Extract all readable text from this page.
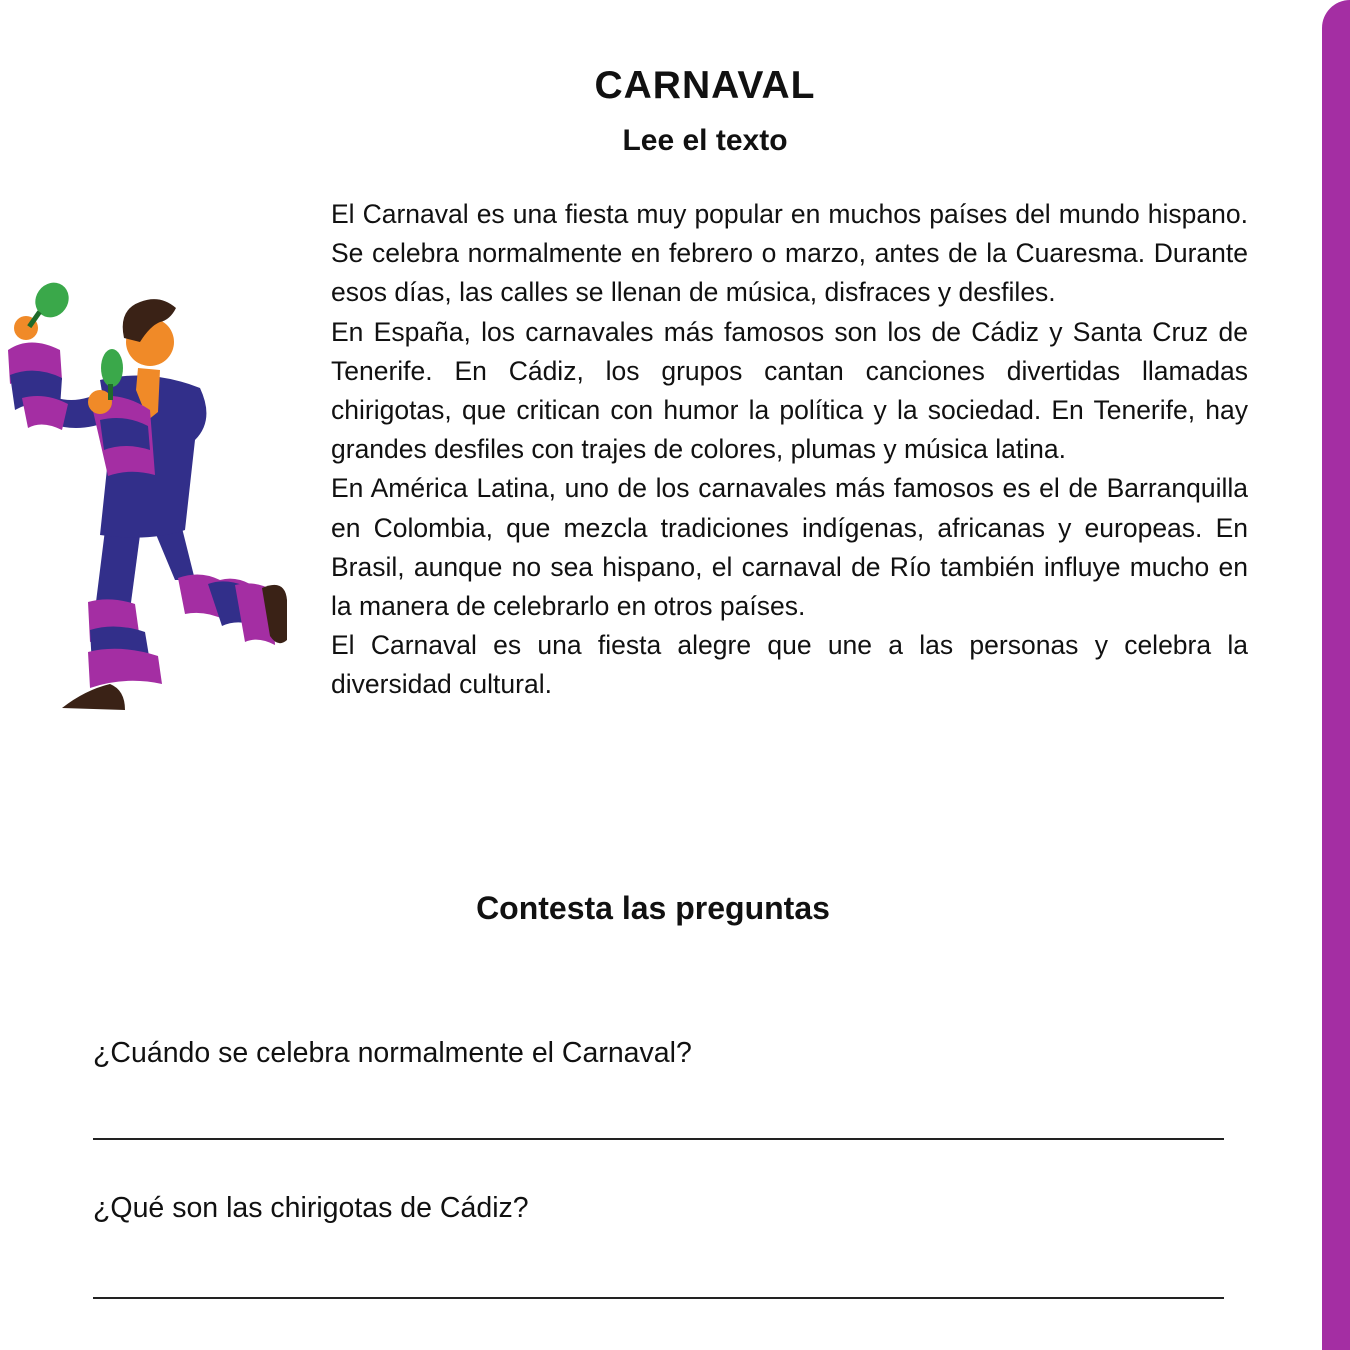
CARNAVAL
Lee el texto

El Carnaval es una fiesta muy popular en muchos países del mundo hispano. Se celebra normalmente en febrero o marzo, antes de la Cuaresma. Durante esos días, las calles se llenan de música, disfraces y desfiles.

En España, los carnavales más famosos son los de Cádiz y Santa Cruz de Tenerife. En Cádiz, los grupos cantan canciones divertidas llamadas chirigotas, que critican con humor la política y la sociedad. En Tenerife, hay grandes desfiles con trajes de colores, plumas y música latina.

En América Latina, uno de los carnavales más famosos es el de Barranquilla en Colombia, que mezcla tradiciones indígenas, africanas y europeas. En Brasil, aunque no sea hispano, el carnaval de Río también influye mucho en la manera de celebrarlo en otros países.

El Carnaval es una fiesta alegre que une a las personas y celebra la diversidad cultural.

Contesta las preguntas

¿Cuándo se celebra normalmente el Carnaval?

¿Qué son las chirigotas de Cádiz?
